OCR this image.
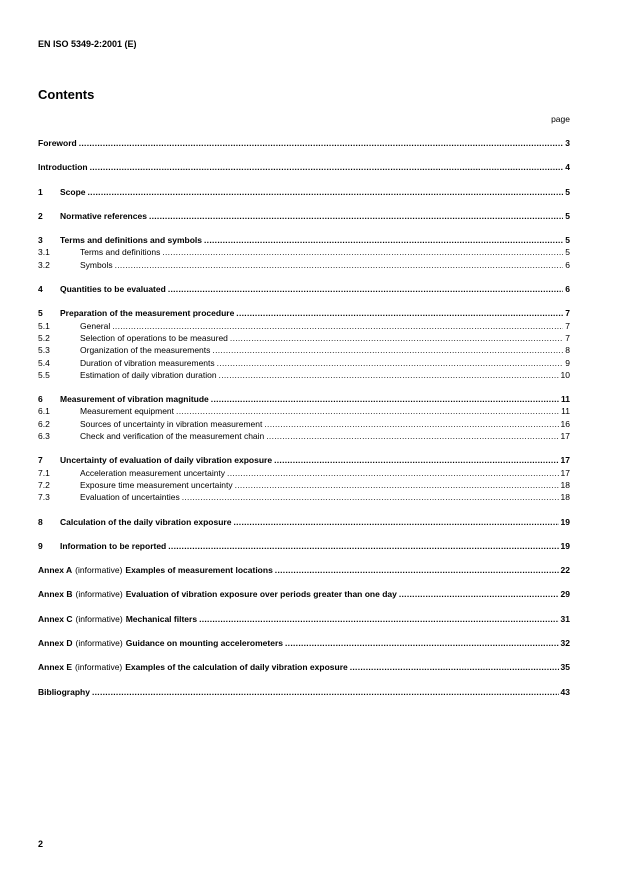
EN ISO 5349-2:2001 (E)
Contents
page
Foreword .....	3
Introduction .....	4
1	Scope .....	5
2	Normative references .....	5
3	Terms and definitions and symbols .....	5
3.1	Terms and definitions .....	5
3.2	Symbols .....	6
4	Quantities to be evaluated .....	6
5	Preparation of the measurement procedure .....	7
5.1	General .....	7
5.2	Selection of operations to be measured .....	7
5.3	Organization of the measurements .....	8
5.4	Duration of vibration measurements .....	9
5.5	Estimation of daily vibration duration .....	10
6	Measurement of vibration magnitude .....	11
6.1	Measurement equipment .....	11
6.2	Sources of uncertainty in vibration measurement .....	16
6.3	Check and verification of the measurement chain .....	17
7	Uncertainty of evaluation of daily vibration exposure .....	17
7.1	Acceleration measurement uncertainty .....	17
7.2	Exposure time measurement uncertainty .....	18
7.3	Evaluation of uncertainties .....	18
8	Calculation of the daily vibration exposure .....	19
9	Information to be reported .....	19
Annex A (informative) Examples of measurement locations .....	22
Annex B (informative) Evaluation of vibration exposure over periods greater than one day .....	29
Annex C (informative) Mechanical filters .....	31
Annex D (informative) Guidance on mounting accelerometers .....	32
Annex E (informative) Examples of the calculation of daily vibration exposure .....	35
Bibliography .....	43
2
